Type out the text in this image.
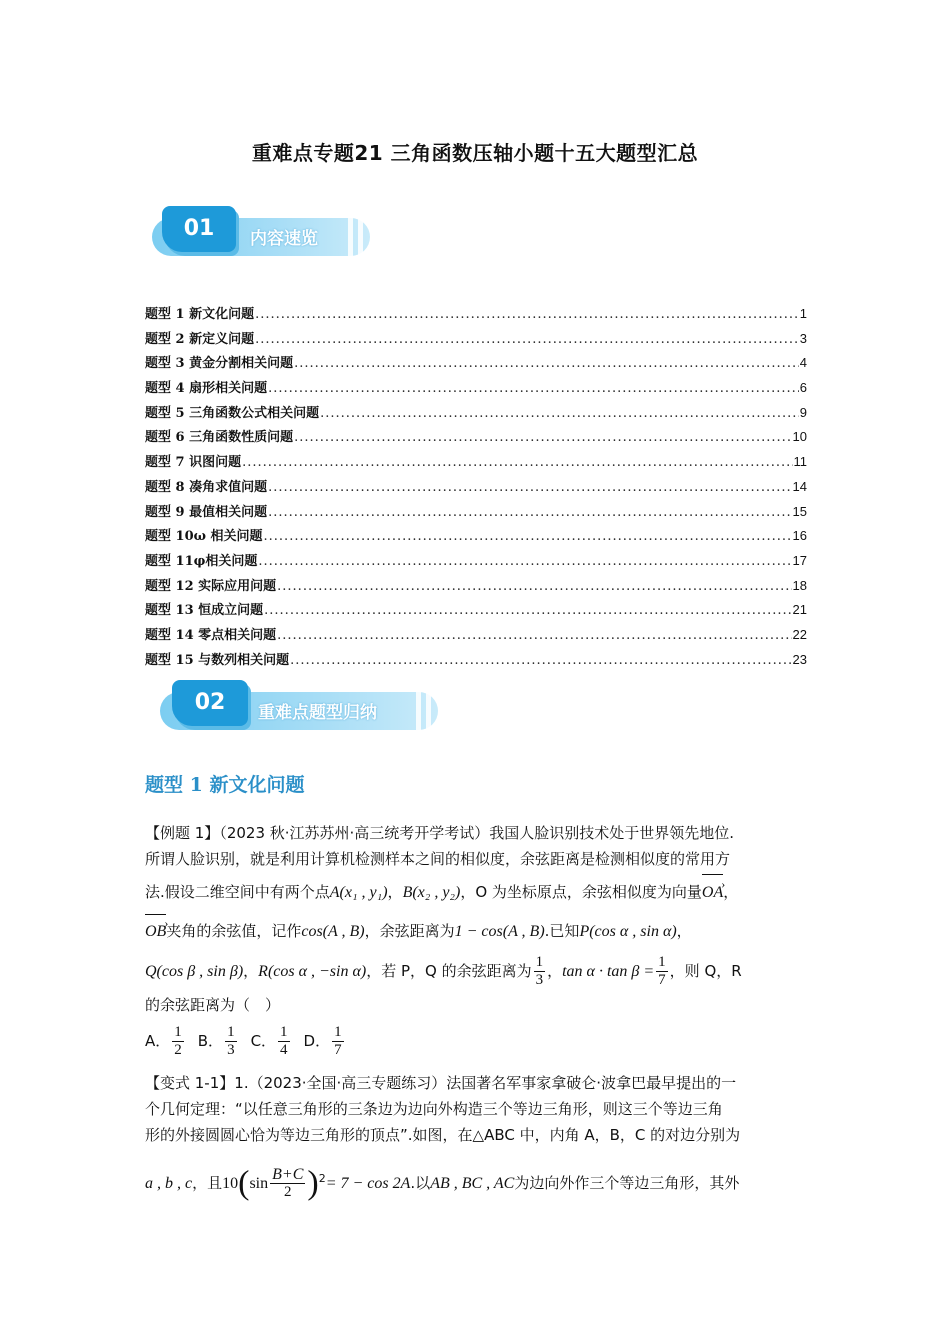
重难点专题21 三角函数压轴小题十五大题型汇总
01	内容速览
题型 1 新文化问题 .....	1
题型 2 新定义问题 .....	3
题型 3 黄金分割相关问题 .....	4
题型 4 扇形相关问题 .....	6
题型 5 三角函数公式相关问题 .....	9
题型 6 三角函数性质问题 .....	10
题型 7 识图问题 .....	11
题型 8 凑角求值问题 .....	14
题型 9 最值相关问题 .....	15
题型 10ω 相关问题 .....	16
题型 11φ相关问题 .....	17
题型 12 实际应用问题 .....	18
题型 13 恒成立问题 .....	21
题型 14 零点相关问题 .....	22
题型 15 与数列相关问题 .....	23
02	重难点题型归纳
题型 1 新文化问题
【例题 1】（2023 秋·江苏苏州·高三统考开学考试）我国人脸识别技术处于世界领先地位.
所谓人脸识别，就是利用计算机检测样本之间的相似度，余弦距离是检测相似度的常用方
法.假设二维空间中有两个点A(x₁ , y₁)，B(x₂ , y₂)，O 为坐标原点，余弦相似度为向量OA ›，
OB ›夹角的余弦值，记作cos(A , B)，余弦距离为1 − cos(A , B).已知P(cos α , sin α)，
Q(cos β , sin β)，R(cos α , −sin α)，若 P，Q 的余弦距离为 $\frac{1}{3}$ ，$\tan \alpha \cdot \tan \beta = \frac{1}{7}$ ，则 Q，R
的余弦距离为（　）
A． $\frac{1}{2}$ B． $\frac{1}{3}$ C． $\frac{1}{4}$ D． $\frac{1}{7}$
【变式 1-1】1.（2023·全国·高三专题练习）法国著名军事家拿破仑·波拿巴最早提出的一
个几何定理：“以任意三角形的三条边为边向外构造三个等边三角形，则这三个等边三角
形的外接圆圆心恰为等边三角形的顶点”.如图，在△ABC 中，内角 A，B，C 的对边分别为
a , b , c，且$10(\sin \frac{B+C}{2} )^2= 7 - \cos 2A$.以AB , BC , AC为边向外作三个等边三角形，其外
